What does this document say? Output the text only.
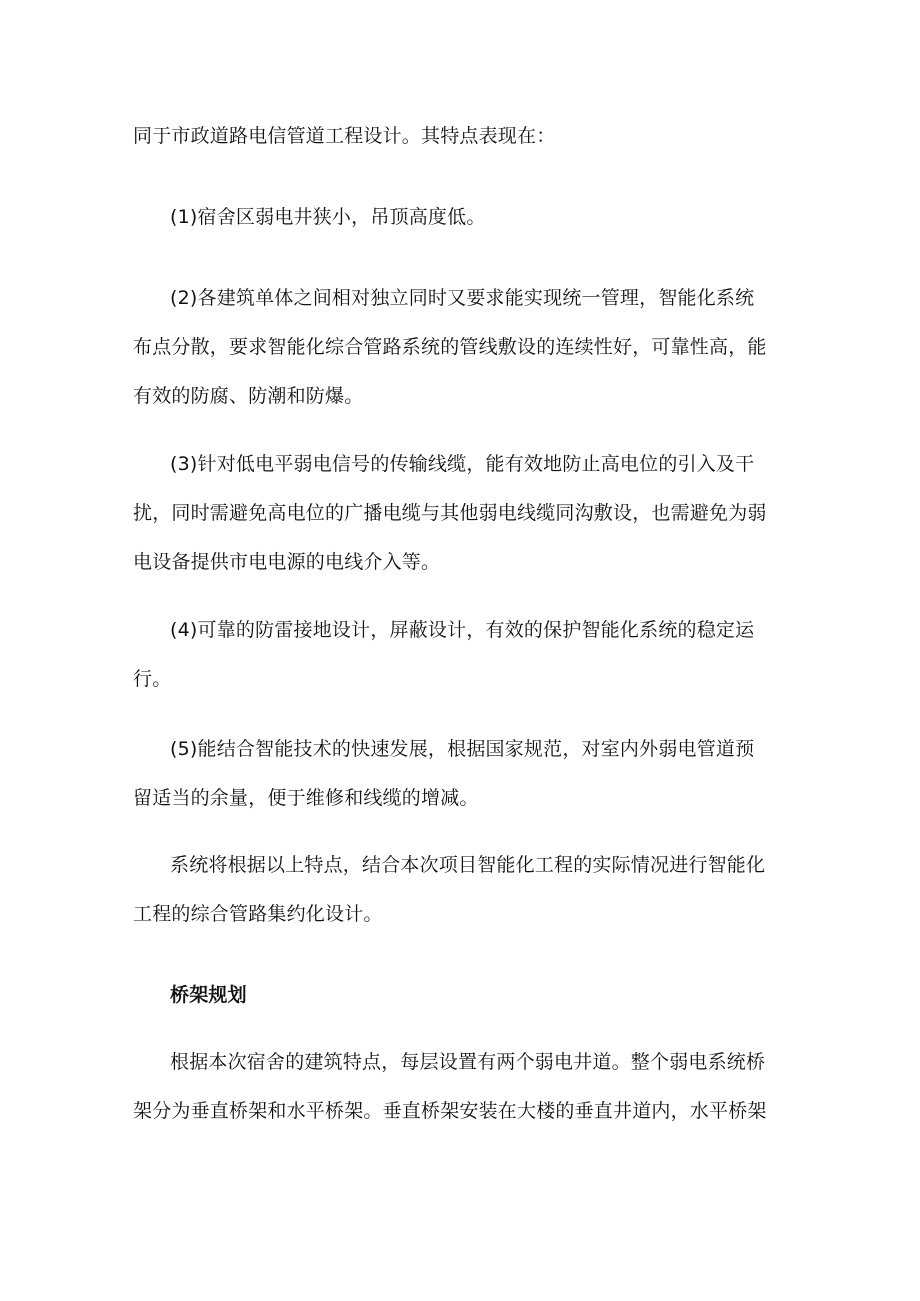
同于市政道路电信管道工程设计。其特点表现在：
(1)宿舍区弱电井狭小，吊顶高度低。
(2)各建筑单体之间相对独立同时又要求能实现统一管理，智能化系统
布点分散，要求智能化综合管路系统的管线敷设的连续性好，可靠性高，能
有效的防腐、防潮和防爆。
(3)针对低电平弱电信号的传输线缆，能有效地防止高电位的引入及干
扰，同时需避免高电位的广播电缆与其他弱电线缆同沟敷设，也需避免为弱
电设备提供市电电源的电线介入等。
(4)可靠的防雷接地设计，屏蔽设计，有效的保护智能化系统的稳定运
行。
(5)能结合智能技术的快速发展，根据国家规范，对室内外弱电管道预
留适当的余量，便于维修和线缆的增减。
系统将根据以上特点，结合本次项目智能化工程的实际情况进行智能化
工程的综合管路集约化设计。
桥架规划
根据本次宿舍的建筑特点，每层设置有两个弱电井道。整个弱电系统桥
架分为垂直桥架和水平桥架。垂直桥架安装在大楼的垂直井道内，水平桥架
